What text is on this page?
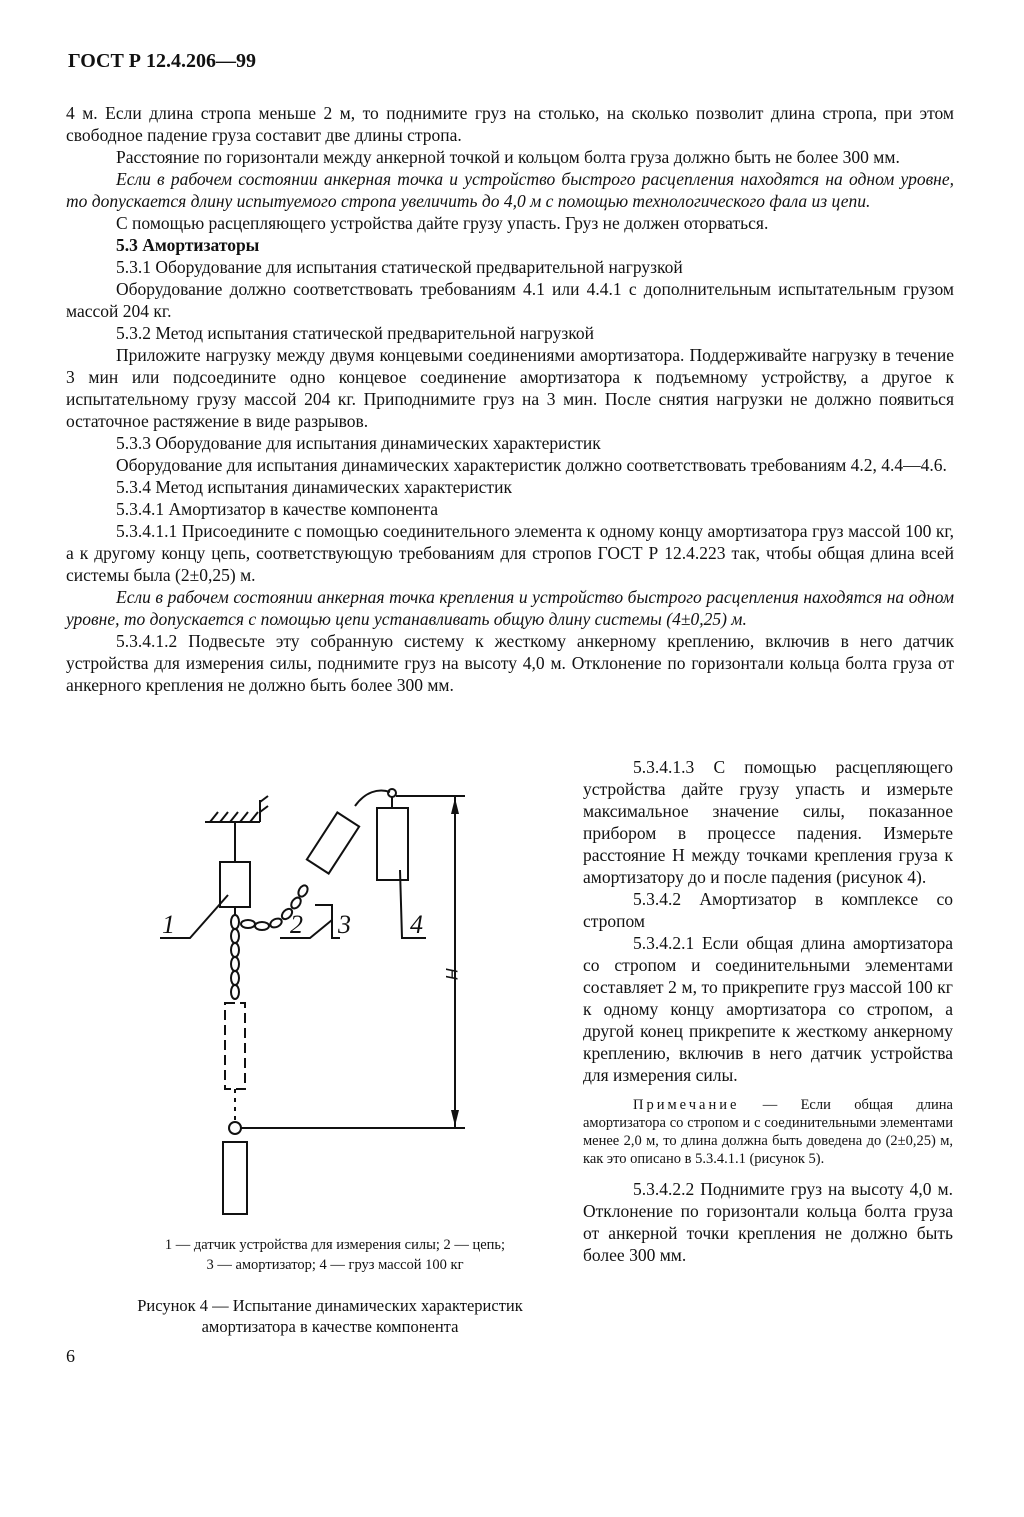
ГОСТ Р 12.4.206—99

4 м. Если длина стропа меньше 2 м, то поднимите груз на столько, на сколько позволит длина стропа, при этом свободное падение груза составит две длины стропа.

Расстояние по горизонтали между анкерной точкой и кольцом болта груза должно быть не более 300 мм.

Если в рабочем состоянии анкерная точка и устройство быстрого расцепления находятся на одном уровне, то допускается длину испытуемого стропа увеличить до 4,0 м с помощью технологического фала из цепи.

С помощью расцепляющего устройства дайте грузу упасть. Груз не должен оторваться.

5.3 Амортизаторы

5.3.1 Оборудование для испытания статической предварительной нагрузкой

Оборудование должно соответствовать требованиям 4.1 или 4.4.1 с дополнительным испытательным грузом массой 204 кг.

5.3.2 Метод испытания статической предварительной нагрузкой

Приложите нагрузку между двумя концевыми соединениями амортизатора. Поддерживайте нагрузку в течение 3 мин или подсоедините одно концевое соединение амортизатора к подъемному устройству, а другое к испытательному грузу массой 204 кг. Приподнимите груз на 3 мин. После снятия нагрузки не должно появиться остаточное растяжение в виде разрывов.

5.3.3 Оборудование для испытания динамических характеристик

Оборудование для испытания динамических характеристик должно соответствовать требованиям 4.2, 4.4—4.6.

5.3.4 Метод испытания динамических характеристик

5.3.4.1 Амортизатор в качестве компонента

5.3.4.1.1 Присоедините с помощью соединительного элемента к одному концу амортизатора груз массой 100 кг, а к другому концу цепь, соответствующую требованиям для стропов ГОСТ Р 12.4.223 так, чтобы общая длина всей системы была (2±0,25) м.

Если в рабочем состоянии анкерная точка крепления и устройство быстрого расцепления находятся на одном уровне, то допускается с помощью цепи устанавливать общую длину системы (4±0,25) м.

5.3.4.1.2 Подвесьте эту собранную систему к жесткому анкерному креплению, включив в него датчик устройства для измерения силы, поднимите груз на высоту 4,0 м. Отклонение по горизонтали кольца болта груза от анкерного крепления не должно быть более 300 мм.

5.3.4.1.3 С помощью расцепляющего устройства дайте грузу упасть и измерьте максимальное значение силы, показанное прибором в процессе падения. Измерьте расстояние H между точками крепления груза к амортизатору до и после падения (рисунок 4).

5.3.4.2 Амортизатор в комплексе со стропом

5.3.4.2.1 Если общая длина амортизатора со стропом и соединительными элементами составляет 2 м, то прикрепите груз массой 100 кг к одному концу амортизатора со стропом, а другой конец прикрепите к жесткому анкерному креплению, включив в него датчик устройства для измерения силы.

Примечание — Если общая длина амортизатора со стропом и с соединительными элементами менее 2,0 м, то длина должна быть доведена до (2±0,25) м, как это описано в 5.3.4.1.1 (рисунок 5).

5.3.4.2.2 Поднимите груз на высоту 4,0 м. Отклонение по горизонтали кольца болта груза от анкерной точки крепления не должно быть более 300 мм.

H
1	2 3 4
1 — датчик устройства для измерения силы; 2 — цепь;
3 — амортизатор; 4 — груз массой 100 кг
Рисунок 4 — Испытание динамических характеристик
амортизатора в качестве компонента
6
